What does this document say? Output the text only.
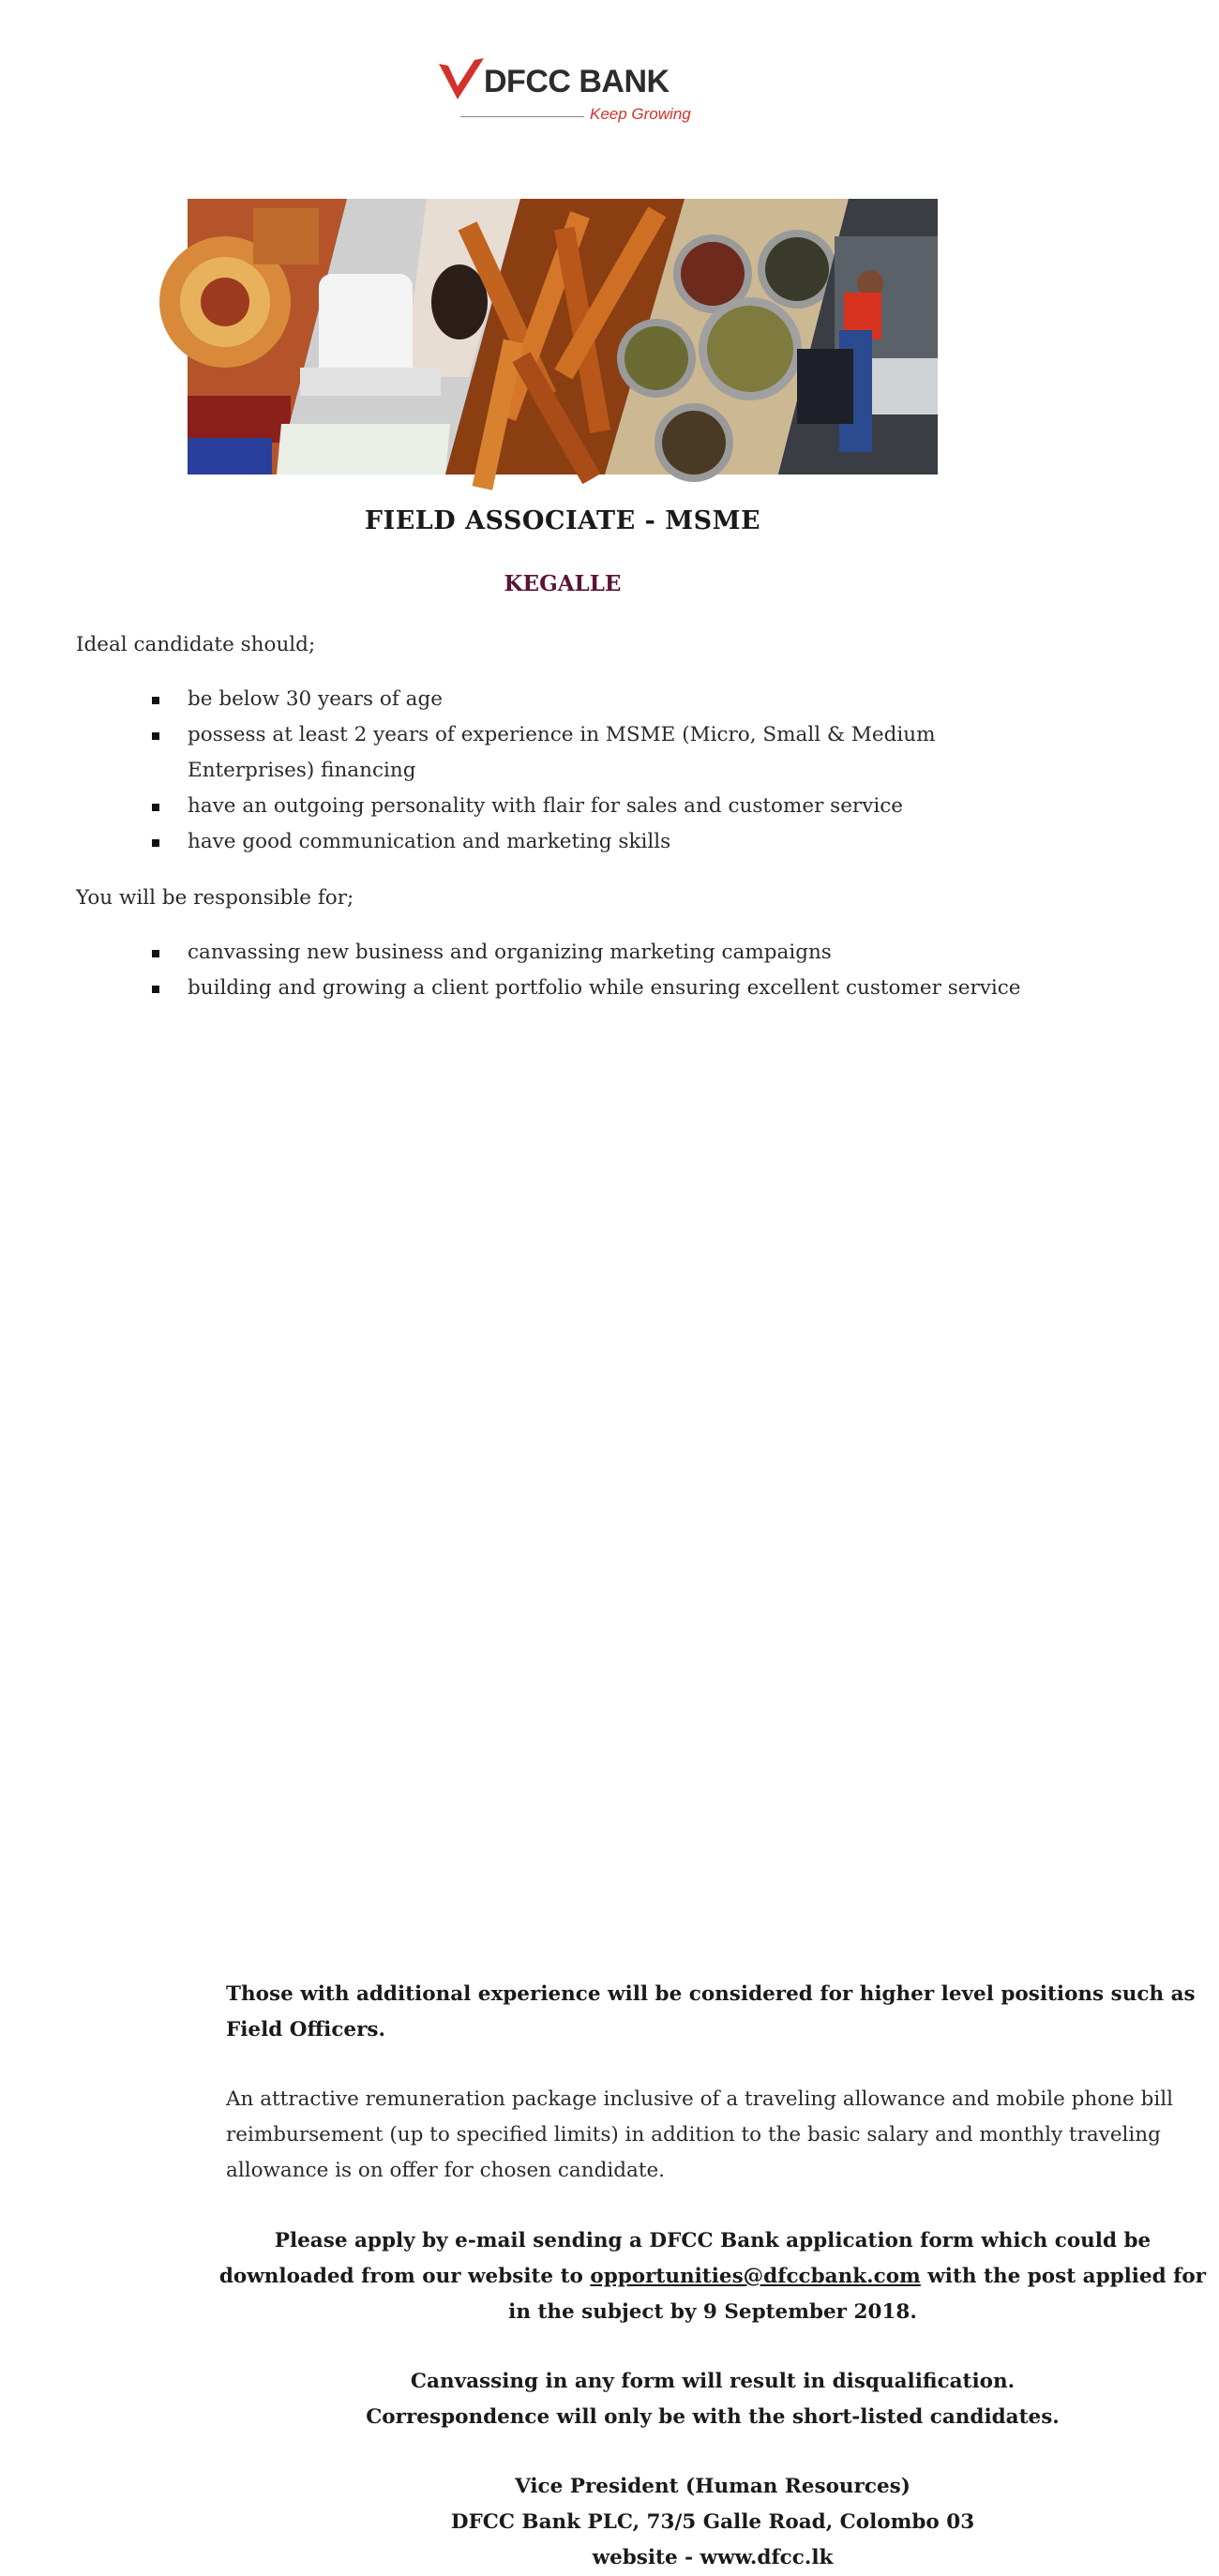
DFCC BANK
Keep Growing
FIELD ASSOCIATE - MSME
KEGALLE
Ideal candidate should;
be below 30 years of age
possess at least 2 years of experience in MSME (Micro, Small & Medium Enterprises) financing
have an outgoing personality with flair for sales and customer service
have good communication and marketing skills
You will be responsible for;
canvassing new business and organizing marketing campaigns
building and growing a client portfolio while ensuring excellent customer service
Those with additional experience will be considered for higher level positions such as Field Officers.
An attractive remuneration package inclusive of a traveling allowance and mobile phone bill reimbursement (up to specified limits) in addition to the basic salary and monthly traveling allowance is on offer for chosen candidate.
Please apply by e-mail sending a DFCC Bank application form which could be downloaded from our website to opportunities@dfccbank.com with the post applied for in the subject by 9 September 2018.
Canvassing in any form will result in disqualification.
Correspondence will only be with the short-listed candidates.
Vice President (Human Resources)
DFCC Bank PLC, 73/5 Galle Road, Colombo 03
website - www.dfcc.lk
